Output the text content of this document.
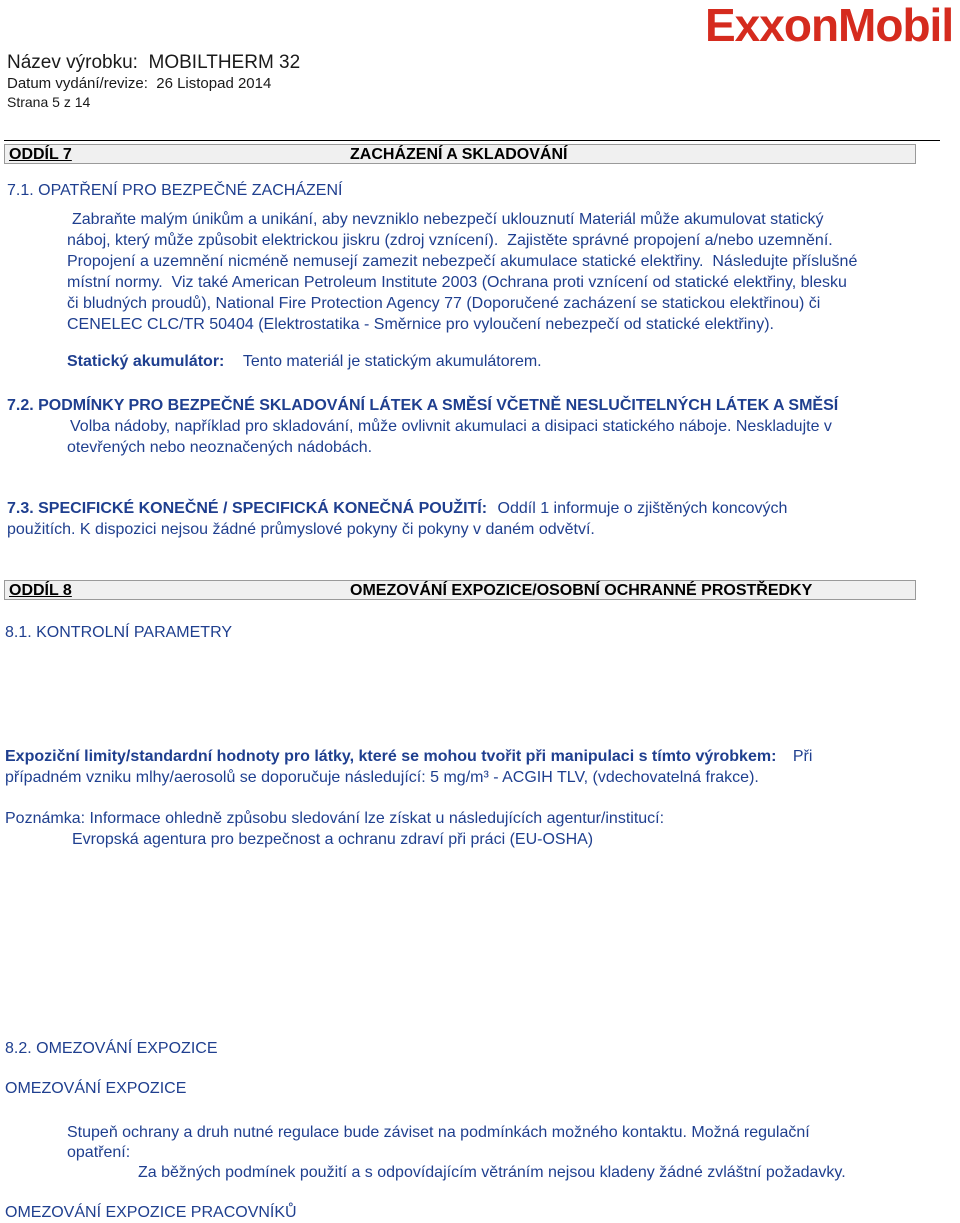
Název výrobku: MOBILTHERM 32
Datum vydání/revize: 26 Listopad 2014
Strana 5 z 14
ExxonMobil
ODDÍL 7	ZACHÁZENÍ A SKLADOVÁNÍ
7.1. OPATŘENÍ PRO BEZPEČNÉ ZACHÁZENÍ
Zabraňte malým únikům a unikání, aby nevzniklo nebezpečí uklouznutí Materiál může akumulovat statický
náboj, který může způsobit elektrickou jiskru (zdroj vznícení). Zajistěte správné propojení a/nebo uzemnění.
Propojení a uzemnění nicméně nemusejí zamezit nebezpečí akumulace statické elektřiny. Následujte příslušné
místní normy. Viz také American Petroleum Institute 2003 (Ochrana proti vznícení od statické elektřiny, blesku
či bludných proudů), National Fire Protection Agency 77 (Doporučené zacházení se statickou elektřinou) či
CENELEC CLC/TR 50404 (Elektrostatika - Směrnice pro vyloučení nebezpečí od statické elektřiny).
Statický akumulátor: Tento materiál je statickým akumulátorem.
7.2. PODMÍNKY PRO BEZPEČNÉ SKLADOVÁNÍ LÁTEK A SMĚSÍ VČETNĚ NESLUČITELNÝCH LÁTEK A SMĚSÍ
Volba nádoby, například pro skladování, může ovlivnit akumulaci a disipaci statického náboje. Neskladujte v
otevřených nebo neoznačených nádobách.
7.3. SPECIFICKÉ KONEČNÉ / SPECIFICKÁ KONEČNÁ POUŽITÍ: Oddíl 1 informuje o zjištěných koncových
použitích. K dispozici nejsou žádné průmyslové pokyny či pokyny v daném odvětví.
ODDÍL 8	OMEZOVÁNÍ EXPOZICE/OSOBNÍ OCHRANNÉ PROSTŘEDKY
8.1. KONTROLNÍ PARAMETRY
Expoziční limity/standardní hodnoty pro látky, které se mohou tvořit při manipulaci s tímto výrobkem: Při
případném vzniku mlhy/aerosolů se doporučuje následující: 5 mg/m³ - ACGIH TLV, (vdechovatelná frakce).
Poznámka: Informace ohledně způsobu sledování lze získat u následujících agentur/institucí:
Evropská agentura pro bezpečnost a ochranu zdraví při práci (EU-OSHA)
8.2. OMEZOVÁNÍ EXPOZICE
OMEZOVÁNÍ EXPOZICE
Stupeň ochrany a druh nutné regulace bude záviset na podmínkách možného kontaktu. Možná regulační
opatření:
Za běžných podmínek použití a s odpovídajícím větráním nejsou kladeny žádné zvláštní požadavky.
OMEZOVÁNÍ EXPOZICE PRACOVNÍKŮ
